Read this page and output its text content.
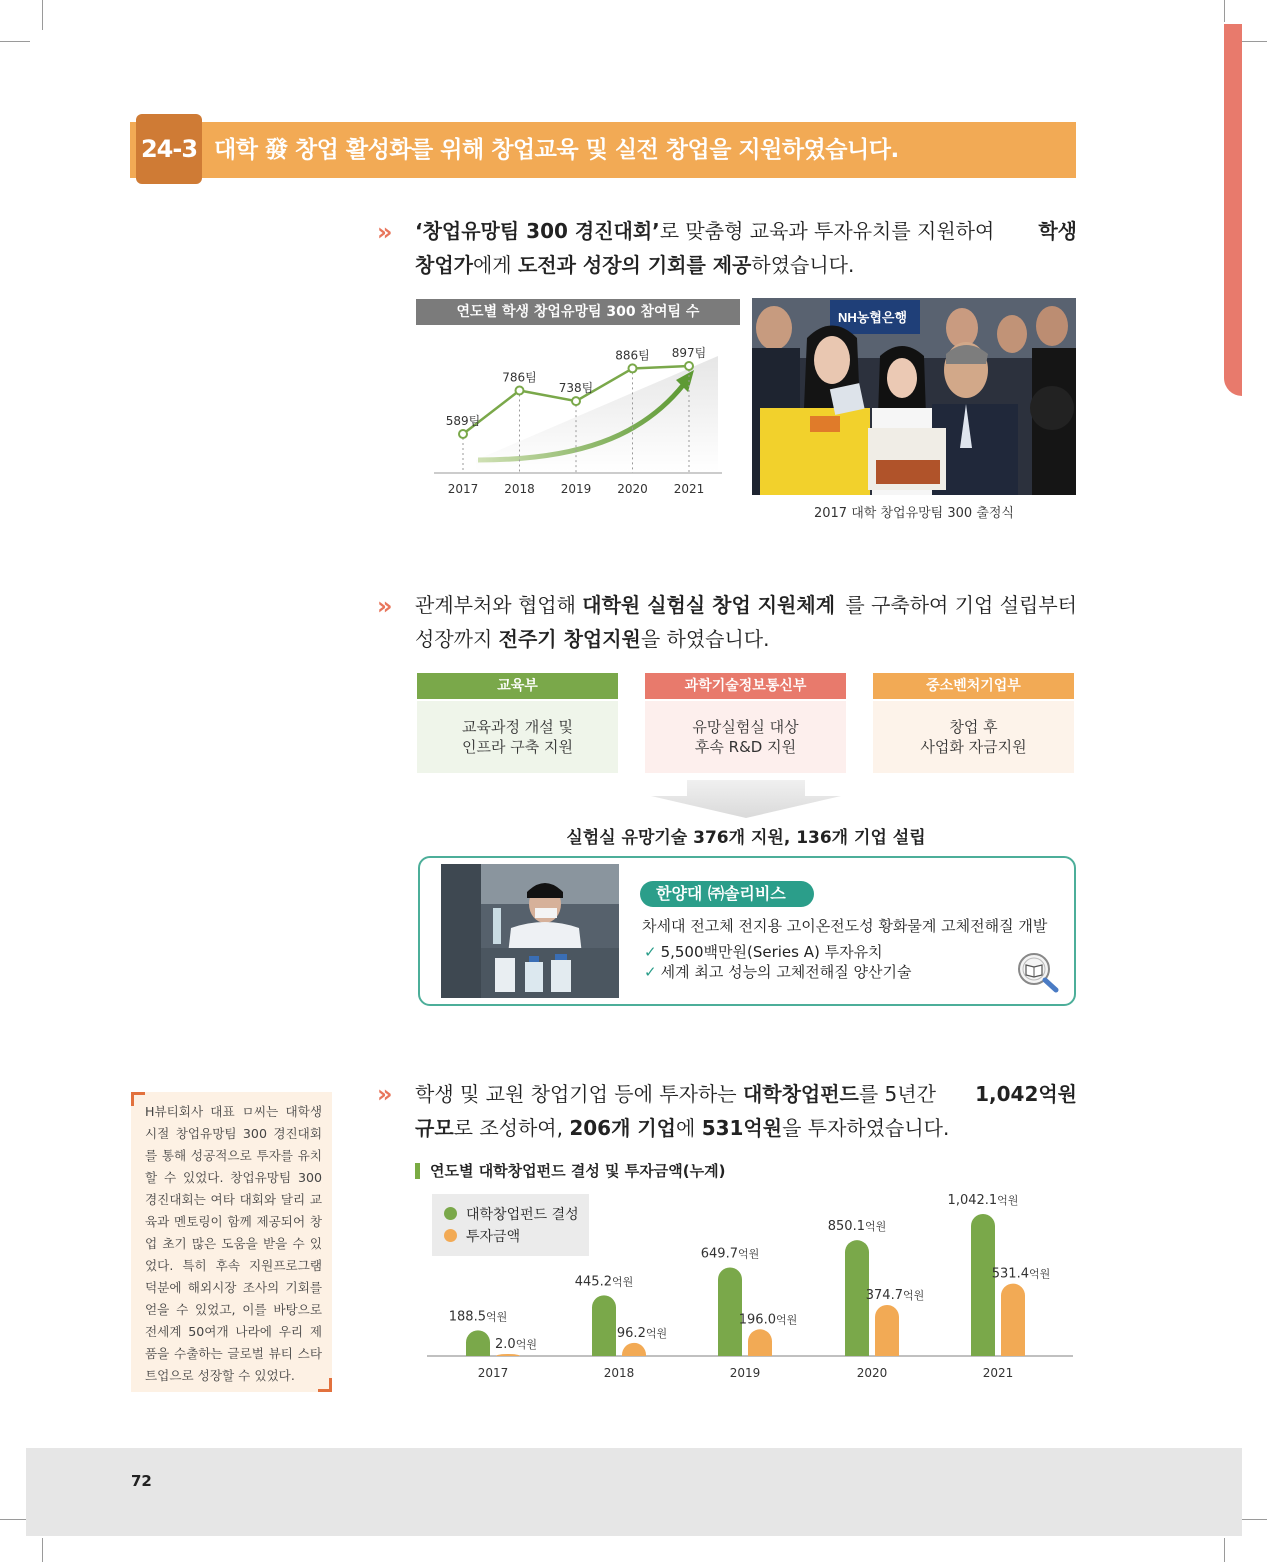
24-3 대학 發 창업 활성화를 위해 창업교육 및 실전 창업을 지원하였습니다.
» ‘창업유망팀 300 경진대회’로 맞춤형 교육과 투자유치를 지원하여 학생
창업가에게 도전과 성장의 기회를 제공하였습니다.
연도별 학생 창업유망팀 300 참여팀 수
589팀
2017
786팀
2018
738팀
2019
886팀
2020
897팀
2021
NH농협은행
2017 대학 창업유망팀 300 출정식
» 관계부처와 협업해 대학원 실험실 창업 지원체계 를 구축하여 기업 설립부터
성장까지 전주기 창업지원을 하였습니다.
교육부
교육과정 개설 및
인프라 구축 지원
과학기술정보통신부
유망실험실 대상
후속 R&D 지원
중소벤처기업부
창업 후
사업화 자금지원
실험실 유망기술 376개 지원, 136개 기업 설립
한양대 ㈜솔리비스
차세대 전고체 전지용 고이온전도성 황화물계 고체전해질 개발
✓ 5,500백만원(Series A) 투자유치
✓ 세계 최고 성능의 고체전해질 양산기술
H뷰티회사 대표 ㅁ씨는 대학생 시절 창업유망팀 300 경진대회를 통해 성공적으로 투자를 유치할 수 있었다. 창업유망팀 300 경진대회는 여타 대회와 달리 교육과 멘토링이 함께 제공되어 창업 초기 많은 도움을 받을 수 있었다. 특히 후속 지원프로그램 덕분에 해외시장 조사의 기회를 얻을 수 있었고, 이를 바탕으로 전세계 50여개 나라에 우리 제품을 수출하는 글로벌 뷰티 스타트업으로 성장할 수 있었다.
» 학생 및 교원 창업기업 등에 투자하는 대학창업펀드를 5년간 1,042억원
규모로 조성하여, 206개 기업에 531억원을 투자하였습니다.
연도별 대학창업펀드 결성 및 투자금액(누계)
188.5억원
2.0억원
2017
445.2억원
96.2억원
2018
649.7억원
196.0억원
2019
850.1억원
374.7억원
2020
1,042.1억원
531.4억원
2021
대학창업펀드 결성
투자금액
72
